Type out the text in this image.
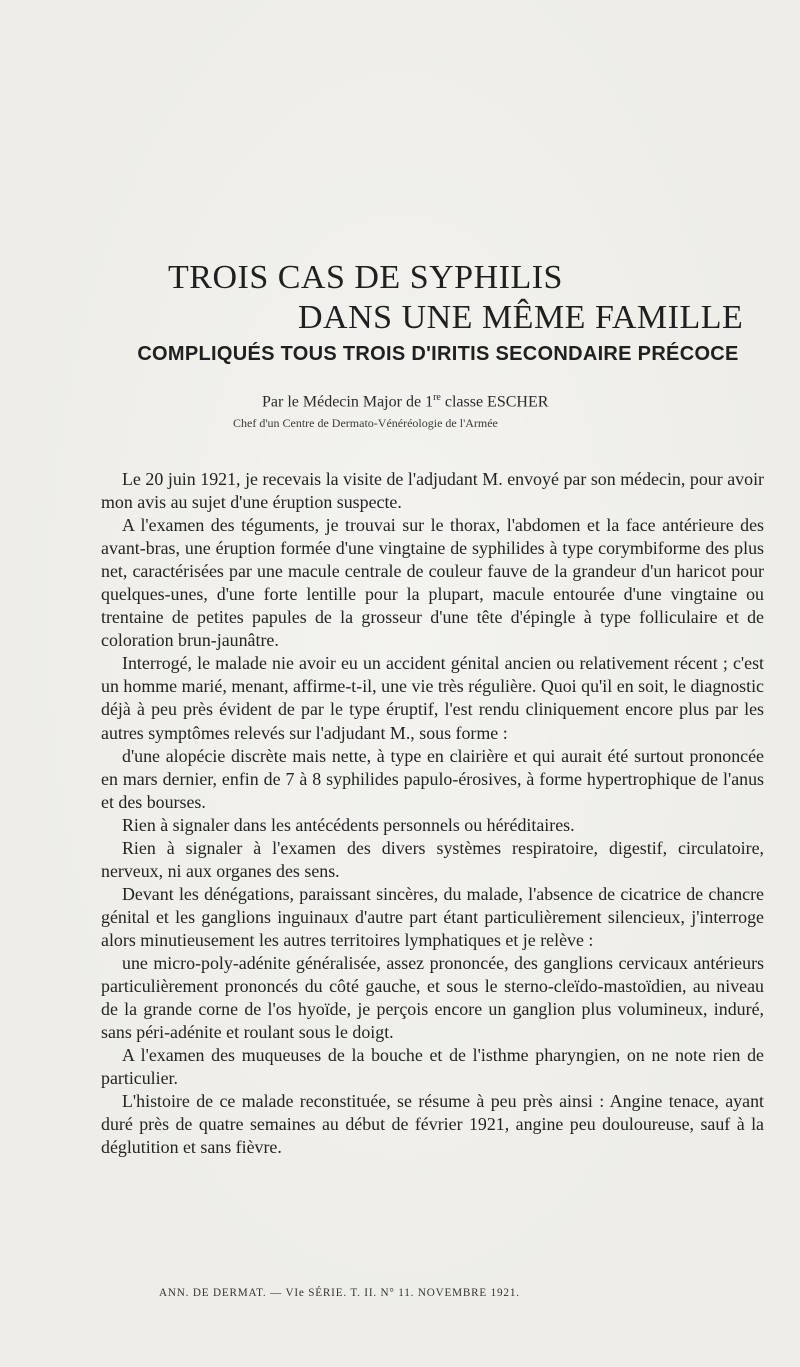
TROIS CAS DE SYPHILIS
DANS UNE MÊME FAMILLE
COMPLIQUÉS TOUS TROIS D'IRITIS SECONDAIRE PRÉCOCE
Par le Médecin Major de 1re classe ESCHER
Chef d'un Centre de Dermato-Vénéréologie de l'Armée

Le 20 juin 1921, je recevais la visite de l'adjudant M. envoyé par son médecin, pour avoir mon avis au sujet d'une éruption suspecte.

A l'examen des téguments, je trouvai sur le thorax, l'abdomen et la face antérieure des avant-bras, une éruption formée d'une vingtaine de syphilides à type corymbiforme des plus net, caractérisées par une macule centrale de couleur fauve de la grandeur d'un haricot pour quelques-unes, d'une forte lentille pour la plupart, macule entourée d'une vingtaine ou trentaine de petites papules de la grosseur d'une tête d'épingle à type folliculaire et de coloration brun-jaunâtre.

Interrogé, le malade nie avoir eu un accident génital ancien ou relativement récent ; c'est un homme marié, menant, affirme-t-il, une vie très régulière. Quoi qu'il en soit, le diagnostic déjà à peu près évident de par le type éruptif, l'est rendu cliniquement encore plus par les autres symptômes relevés sur l'adjudant M., sous forme :

d'une alopécie discrète mais nette, à type en clairière et qui aurait été surtout prononcée en mars dernier, enfin de 7 à 8 syphilides papulo-érosives, à forme hypertrophique de l'anus et des bourses.

Rien à signaler dans les antécédents personnels ou héréditaires.

Rien à signaler à l'examen des divers systèmes respiratoire, digestif, circulatoire, nerveux, ni aux organes des sens.

Devant les dénégations, paraissant sincères, du malade, l'absence de cicatrice de chancre génital et les ganglions inguinaux d'autre part étant particulièrement silencieux, j'interroge alors minutieusement les autres territoires lymphatiques et je relève :

une micro-poly-adénite généralisée, assez prononcée, des ganglions cervicaux antérieurs particulièrement prononcés du côté gauche, et sous le sterno-cleïdo-mastoïdien, au niveau de la grande corne de l'os hyoïde, je perçois encore un ganglion plus volumineux, induré, sans péri-adénite et roulant sous le doigt.

A l'examen des muqueuses de la bouche et de l'isthme pharyngien, on ne note rien de particulier.

L'histoire de ce malade reconstituée, se résume à peu près ainsi : Angine tenace, ayant duré près de quatre semaines au début de février 1921, angine peu douloureuse, sauf à la déglutition et sans fièvre.

ANN. DE DERMAT. — VIe SÉRIE. T. II. N° 11. NOVEMBRE 1921.
